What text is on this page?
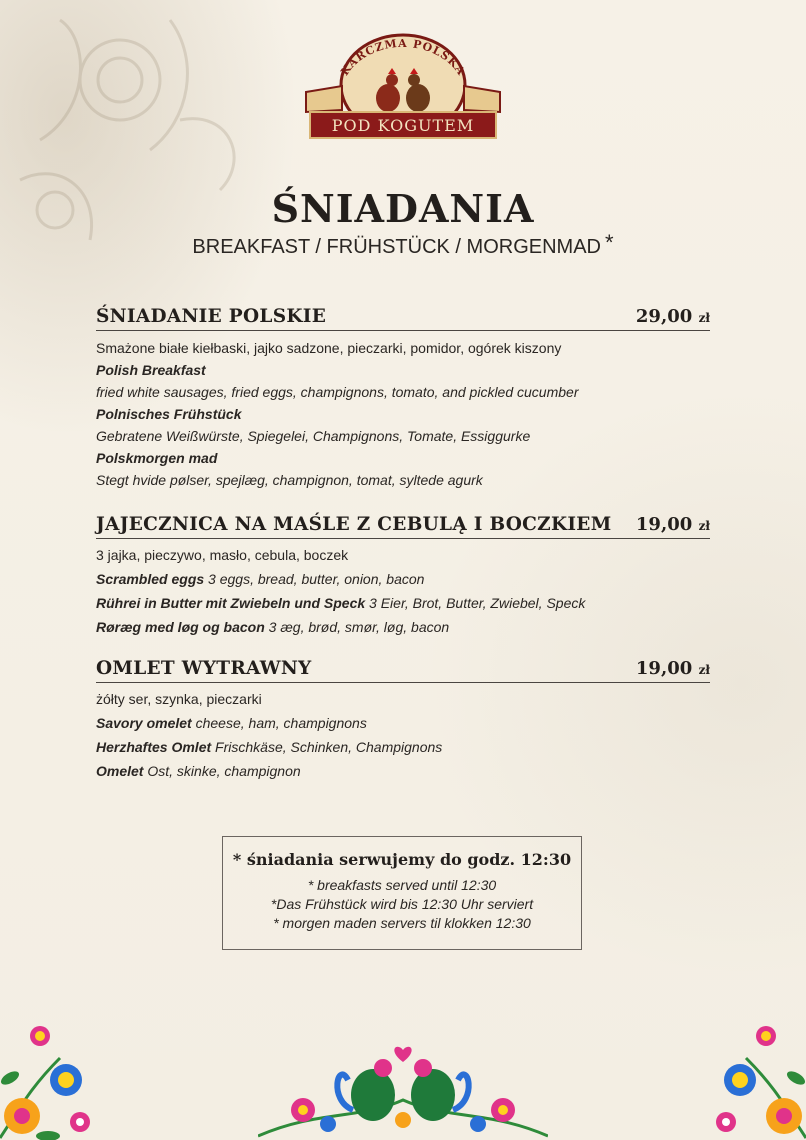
KARCZMA POLSKA
POD KOGUTEM
ŚNIADANIA
BREAKFAST / FRÜHSTÜCK / MORGENMAD *
ŚNIADANIE POLSKIE	29,00 zł
Smażone białe kiełbaski, jajko sadzone, pieczarki, pomidor, ogórek kiszony
Polish Breakfast
fried white sausages, fried eggs, champignons, tomato, and pickled cucumber
Polnisches Frühstück
Gebratene Weißwürste, Spiegelei, Champignons, Tomate, Essiggurke
Polskmorgen mad
Stegt hvide pølser, spejlæg, champignon, tomat, syltede agurk
JAJECZNICA NA MAŚLE Z CEBULĄ I BOCZKIEM 19,00 zł
3 jajka, pieczywo, masło, cebula, boczek
Scrambled eggs 3 eggs, bread, butter, onion, bacon
Rührei in Butter mit Zwiebeln und Speck 3 Eier, Brot, Butter, Zwiebel, Speck
Røræg med løg og bacon 3 æg, brød, smør, løg, bacon
OMLET WYTRAWNY	19,00 zł
żółty ser, szynka, pieczarki
Savory omelet cheese, ham, champignons
Herzhaftes Omlet Frischkäse, Schinken, Champignons
Omelet Ost, skinke, champignon
* śniadania serwujemy do godz. 12:30
* breakfasts served until 12:30
*Das Frühstück wird bis 12:30 Uhr serviert
* morgen maden servers til klokken 12:30
